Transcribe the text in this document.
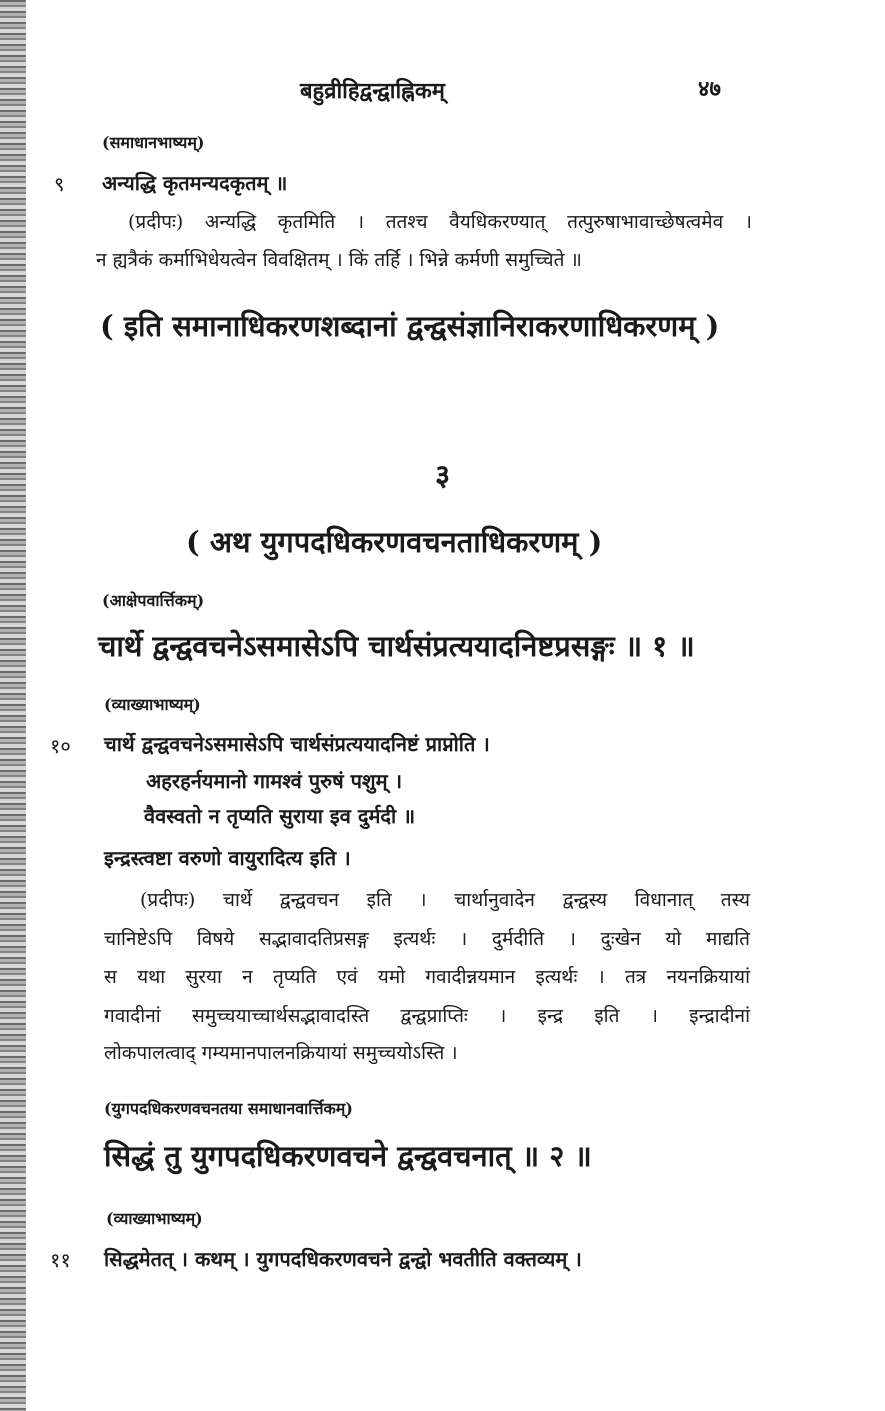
बहुव्रीहिद्वन्द्वाह्निकम्	४७
(समाधानभाष्यम्)
९ अन्यद्धि कृतमन्यदकृतम् ॥
(प्रदीपः) अन्यद्धि कृतमिति । ततश्च वैयधिकरण्यात् तत्पुरुषाभावाच्छेषत्वमेव ।
न ह्यत्रैकं कर्माभिधेयत्वेन विवक्षितम् । किं तर्हि । भिन्ने कर्मणी समुच्चिते ॥
( इति समानाधिकरणशब्दानां द्वन्द्वसंज्ञानिराकरणाधिकरणम् )
३
( अथ युगपदधिकरणवचनताधिकरणम् )
(आक्षेपवार्त्तिकम्)
चार्थे द्वन्द्ववचनेऽसमासेऽपि चार्थसंप्रत्ययादनिष्टप्रसङ्गः ॥ १ ॥
(व्याख्याभाष्यम्)
१० चार्थे द्वन्द्ववचनेऽसमासेऽपि चार्थसंप्रत्ययादनिष्टं प्राप्नोति ।
अहरहर्नयमानो गामश्वं पुरुषं पशुम् ।
वैवस्वतो न तृप्यति सुराया इव दुर्मदी ॥
इन्द्रस्त्वष्टा वरुणो वायुरादित्य इति ।
(प्रदीपः) चार्थे द्वन्द्ववचन इति । चार्थानुवादेन द्वन्द्वस्य विधानात् तस्य
चानिष्टेऽपि विषये सद्भावादतिप्रसङ्ग इत्यर्थः । दुर्मदीति । दुःखेन यो माद्यति
स यथा सुरया न तृप्यति एवं यमो गवादीन्नयमान इत्यर्थः । तत्र नयनक्रियायां
गवादीनां समुच्चयाच्चार्थसद्भावादस्ति द्वन्द्वप्राप्तिः । इन्द्र इति । इन्द्रादीनां
लोकपालत्वाद् गम्यमानपालनक्रियायां समुच्चयोऽस्ति ।
(युगपदधिकरणवचनतया समाधानवार्त्तिकम्)
सिद्धं तु युगपदधिकरणवचने द्वन्द्ववचनात् ॥ २ ॥
(व्याख्याभाष्यम्)
११ सिद्धमेतत् । कथम् । युगपदधिकरणवचने द्वन्द्वो भवतीति वक्तव्यम् ।
